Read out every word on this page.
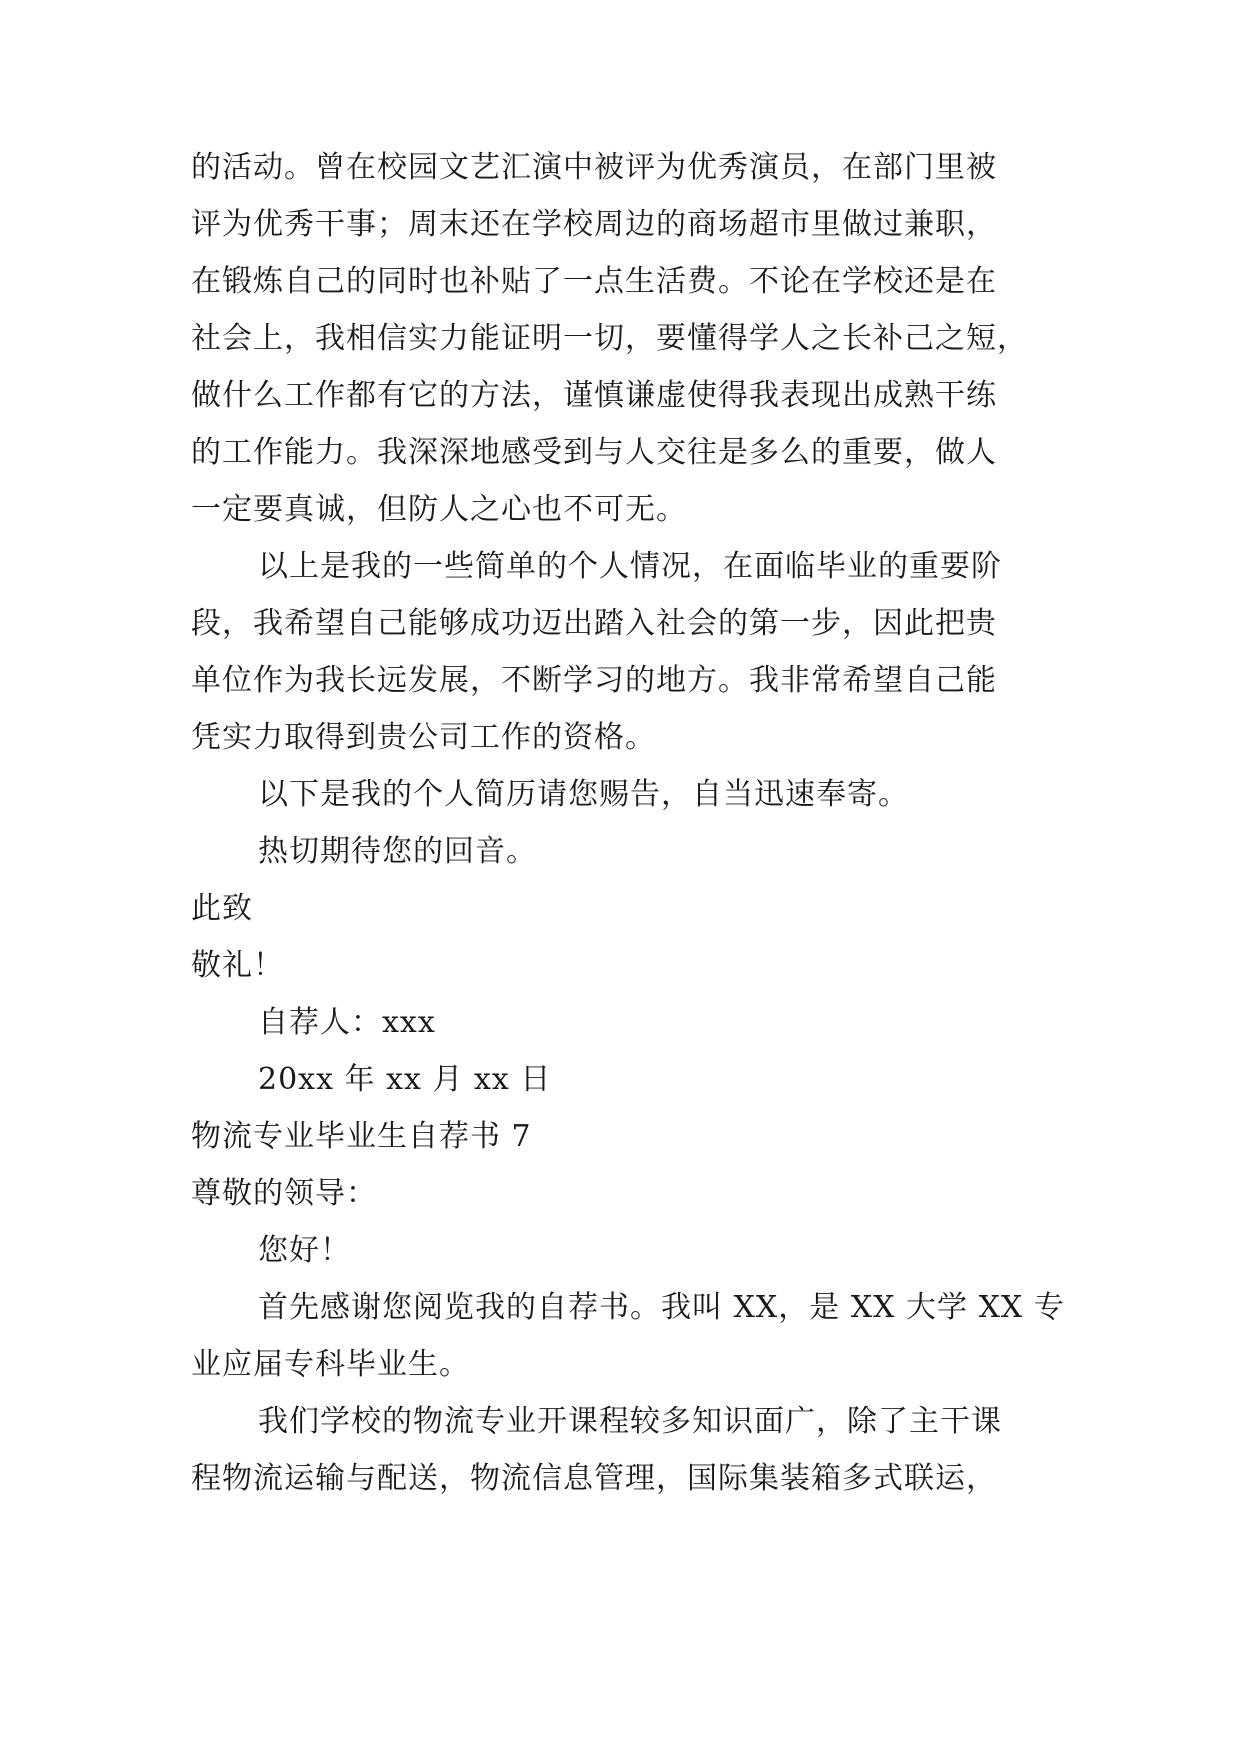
的活动。曾在校园文艺汇演中被评为优秀演员，在部门里被
评为优秀干事；周末还在学校周边的商场超市里做过兼职，
在锻炼自己的同时也补贴了一点生活费。不论在学校还是在
社会上，我相信实力能证明一切，要懂得学人之长补己之短，
做什么工作都有它的方法，谨慎谦虚使得我表现出成熟干练
的工作能力。我深深地感受到与人交往是多么的重要，做人
一定要真诚，但防人之心也不可无。
以上是我的一些简单的个人情况，在面临毕业的重要阶
段，我希望自己能够成功迈出踏入社会的第一步，因此把贵
单位作为我长远发展，不断学习的地方。我非常希望自己能
凭实力取得到贵公司工作的资格。
以下是我的个人简历请您赐告，自当迅速奉寄。
热切期待您的回音。
此致
敬礼！
自荐人：xxx
20xx 年 xx 月 xx 日
物流专业毕业生自荐书 7
尊敬的领导：
您好！
首先感谢您阅览我的自荐书。我叫 XX，是 XX 大学 XX 专
业应届专科毕业生。
我们学校的物流专业开课程较多知识面广，除了主干课
程物流运输与配送，物流信息管理，国际集装箱多式联运，
